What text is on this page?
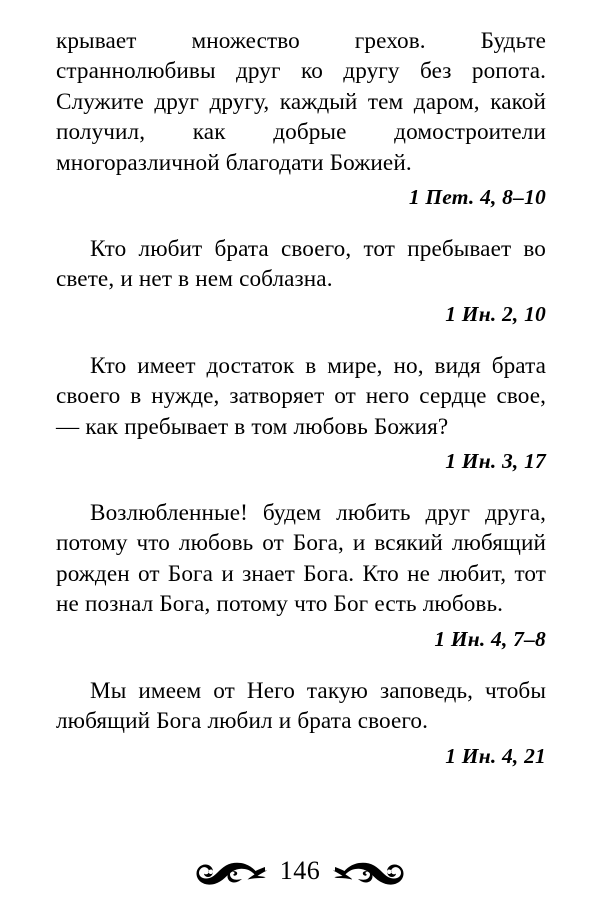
крывает множество грехов. Будьте страннолюбивы друг ко другу без ропота. Служите друг другу, каждый тем даром, какой получил, как добрые домостроители многоразличной благодати Божией.

1 Пет. 4, 8–10

Кто любит брата своего, тот пребывает во свете, и нет в нем соблазна.

1 Ин. 2, 10

Кто имеет достаток в мире, но, видя брата своего в нужде, затворяет от него сердце свое, — как пребывает в том любовь Божия?

1 Ин. 3, 17

Возлюбленные! будем любить друг друга, потому что любовь от Бога, и всякий любящий рожден от Бога и знает Бога. Кто не любит, тот не познал Бога, потому что Бог есть любовь.

1 Ин. 4, 7–8

Мы имеем от Него такую заповедь, чтобы любящий Бога любил и брата своего.

1 Ин. 4, 21
146
